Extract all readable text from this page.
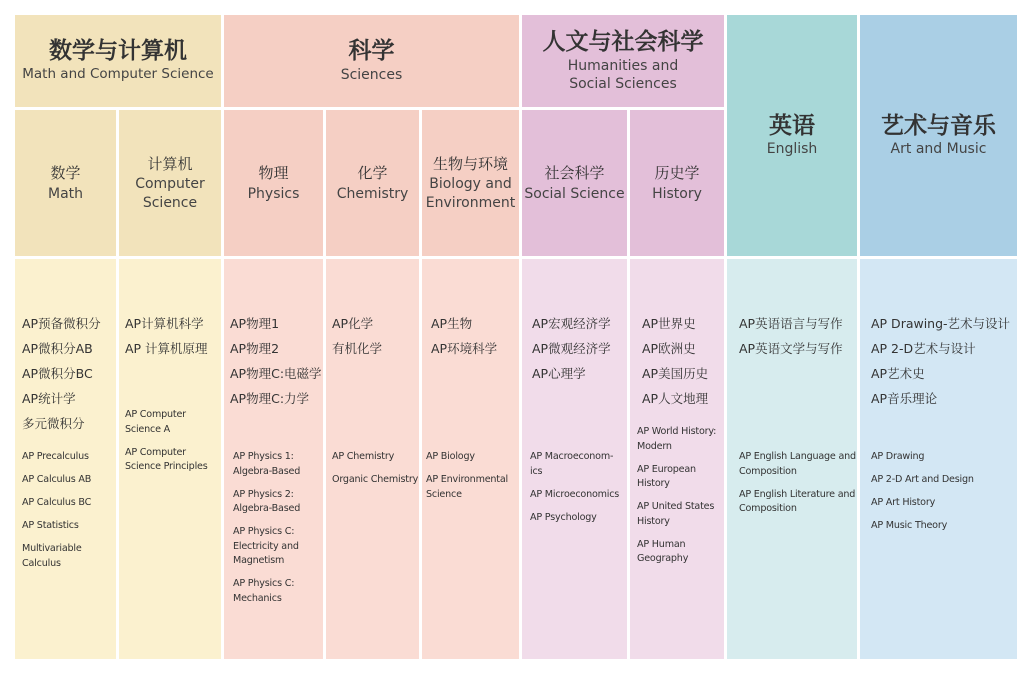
数学与计算机
Math and Computer Science
科学
Sciences
人文与社会科学
Humanities and
Social Sciences
英语
English
艺术与音乐
Art and Music
数学
Math
计算机
Computer
Science
物理
Physics
化学
Chemistry
生物与环境
Biology and
Environment
社会科学
Social Science
历史学
History
AP预备微积分
AP微积分AB
AP微积分BC
AP统计学
多元微积分
AP Precalculus
AP Calculus AB
AP Calculus BC
AP Statistics
Multivariable
Calculus
AP计算机科学
AP 计算机原理
AP Computer
Science A
AP Computer
Science Principles
AP物理1
AP物理2
AP物理C:电磁学
AP物理C:力学
AP Physics 1:
Algebra-Based
AP Physics 2:
Algebra-Based
AP Physics C:
Electricity and
Magnetism
AP Physics C:
Mechanics
AP化学
有机化学
AP Chemistry
Organic Chemistry
AP生物
AP环境科学
AP Biology
AP Environmental
Science
AP宏观经济学
AP微观经济学
AP心理学
AP Macroeconom-
ics
AP Microeconomics
AP Psychology
AP世界史
AP欧洲史
AP美国历史
AP人文地理
AP World History:
Modern
AP European
History
AP United States
History
AP Human
Geography
AP英语语言与写作
AP英语文学与写作
AP English Language and
Composition
AP English Literature and
Composition
AP Drawing-艺术与设计
AP 2-D艺术与设计
AP艺术史
AP音乐理论
AP Drawing
AP 2-D Art and Design
AP Art History
AP Music Theory
